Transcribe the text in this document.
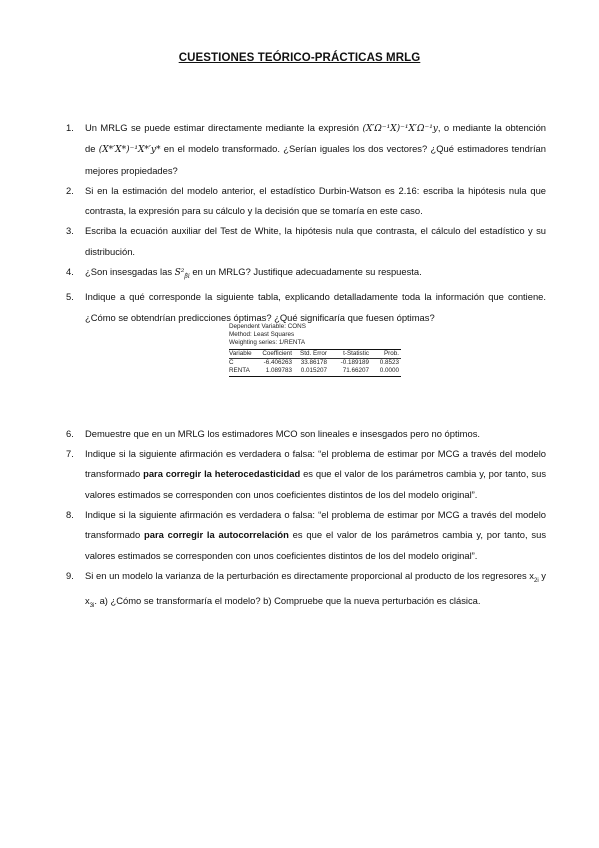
CUESTIONES TEÓRICO-PRÁCTICAS MRLG
1. Un MRLG se puede estimar directamente mediante la expresión (X′Ω⁻¹X)⁻¹X′Ω⁻¹y, o mediante la obtención de (X*′X*)⁻¹X*′y* en el modelo transformado. ¿Serían iguales los dos vectores? ¿Qué estimadores tendrían mejores propiedades?
2. Si en la estimación del modelo anterior, el estadístico Durbin-Watson es 2.16: escriba la hipótesis nula que contrasta, la expresión para su cálculo y la decisión que se tomaría en este caso.
3. Escriba la ecuación auxiliar del Test de White, la hipótesis nula que contrasta, el cálculo del estadístico y su distribución.
4. ¿Son insesgadas las $S^2_{\betâi}$ en un MRLG? Justifique adecuadamente su respuesta.
5. Indique a qué corresponde la siguiente tabla, explicando detalladamente toda la información que contiene. ¿Cómo se obtendrían predicciones óptimas? ¿Qué significaría que fuesen óptimas?
6. Demuestre que en un MRLG los estimadores MCO son lineales e insesgados pero no óptimos.
7. Indique si la siguiente afirmación es verdadera o falsa: “el problema de estimar por MCG a través del modelo transformado para corregir la heterocedasticidad es que el valor de los parámetros cambia y, por tanto, sus valores estimados se corresponden con unos coeficientes distintos de los del modelo original”.
8. Indique si la siguiente afirmación es verdadera o falsa: “el problema de estimar por MCG a través del modelo transformado para corregir la autocorrelación es que el valor de los parámetros cambia y, por tanto, sus valores estimados se corresponden con unos coeficientes distintos de los del modelo original”.
9. Si en un modelo la varianza de la perturbación es directamente proporcional al producto de los regresores $x_{2i}$ y $x_{3i}$. a) ¿Cómo se transformaría el modelo? b) Compruebe que la nueva perturbación es clásica.
Dependent Variable: CONS
Method: Least Squares
Weighting series: 1/RENTA
Variable	Coefficient	Std. Error	t-Statistic	Prob.
C	-6.406263	33.86178	-0.189189	0.8523
RENTA	1.089783	0.015207	71.66207	0.0000
